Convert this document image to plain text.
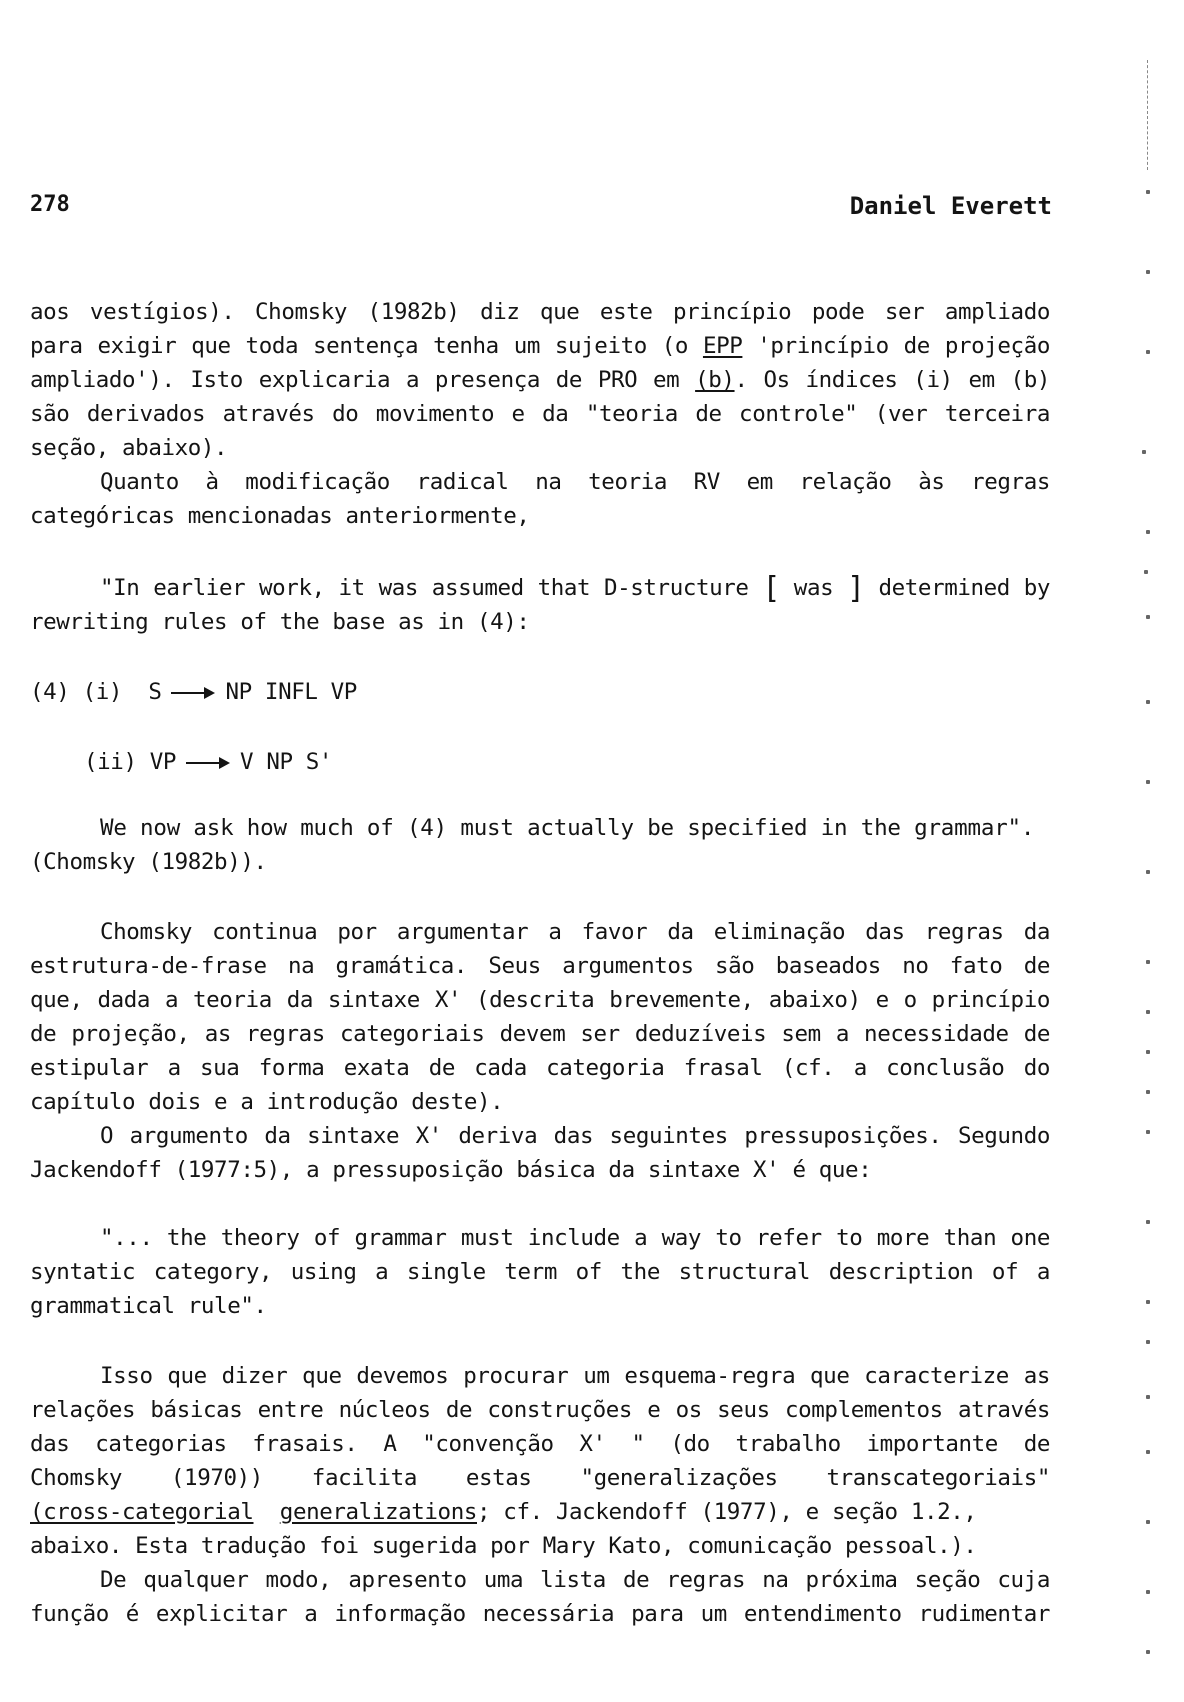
278	Daniel Everett
aos vestígios). Chomsky (1982b) diz que este princípio pode ser ampliado
para exigir que toda sentença tenha um sujeito (o EPP 'princípio de projeção
ampliado'). Isto explicaria a presença de PRO em (b). Os índices (i) em (b)
são derivados através do movimento e da "teoria de controle" (ver terceira
seção, abaixo).
Quanto à modificação radical na teoria RV em relação às regras
categóricas mencionadas anteriormente,
"In earlier work, it was assumed that D-structure [ was ] determined by
rewriting rules of the base as in (4):
(4) (i) S	NP INFL VP
(ii) VP	V NP S'
We now ask how much of (4) must actually be specified in the grammar".
(Chomsky (1982b)).
Chomsky continua por argumentar a favor da eliminação das regras da
estrutura-de-frase na gramática. Seus argumentos são baseados no fato de
que, dada a teoria da sintaxe X' (descrita brevemente, abaixo) e o princípio
de projeção, as regras categoriais devem ser deduzíveis sem a necessidade de
estipular a sua forma exata de cada categoria frasal (cf. a conclusão do
capítulo dois e a introdução deste).
O argumento da sintaxe X' deriva das seguintes pressuposições. Segundo
Jackendoff (1977:5), a pressuposição básica da sintaxe X' é que:
"... the theory of grammar must include a way to refer to more than one
syntatic category, using a single term of the structural description of a
grammatical rule".
Isso que dizer que devemos procurar um esquema-regra que caracterize as
relações básicas entre núcleos de construções e os seus complementos através
das categorias frasais. A "convenção X' " (do trabalho importante de
Chomsky (1970)) facilita estas "generalizações transcategoriais"
(cross-categorial generalizations; cf. Jackendoff (1977), e seção 1.2.,
abaixo. Esta tradução foi sugerida por Mary Kato, comunicação pessoal.).
De qualquer modo, apresento uma lista de regras na próxima seção cuja
função é explicitar a informação necessária para um entendimento rudimentar
